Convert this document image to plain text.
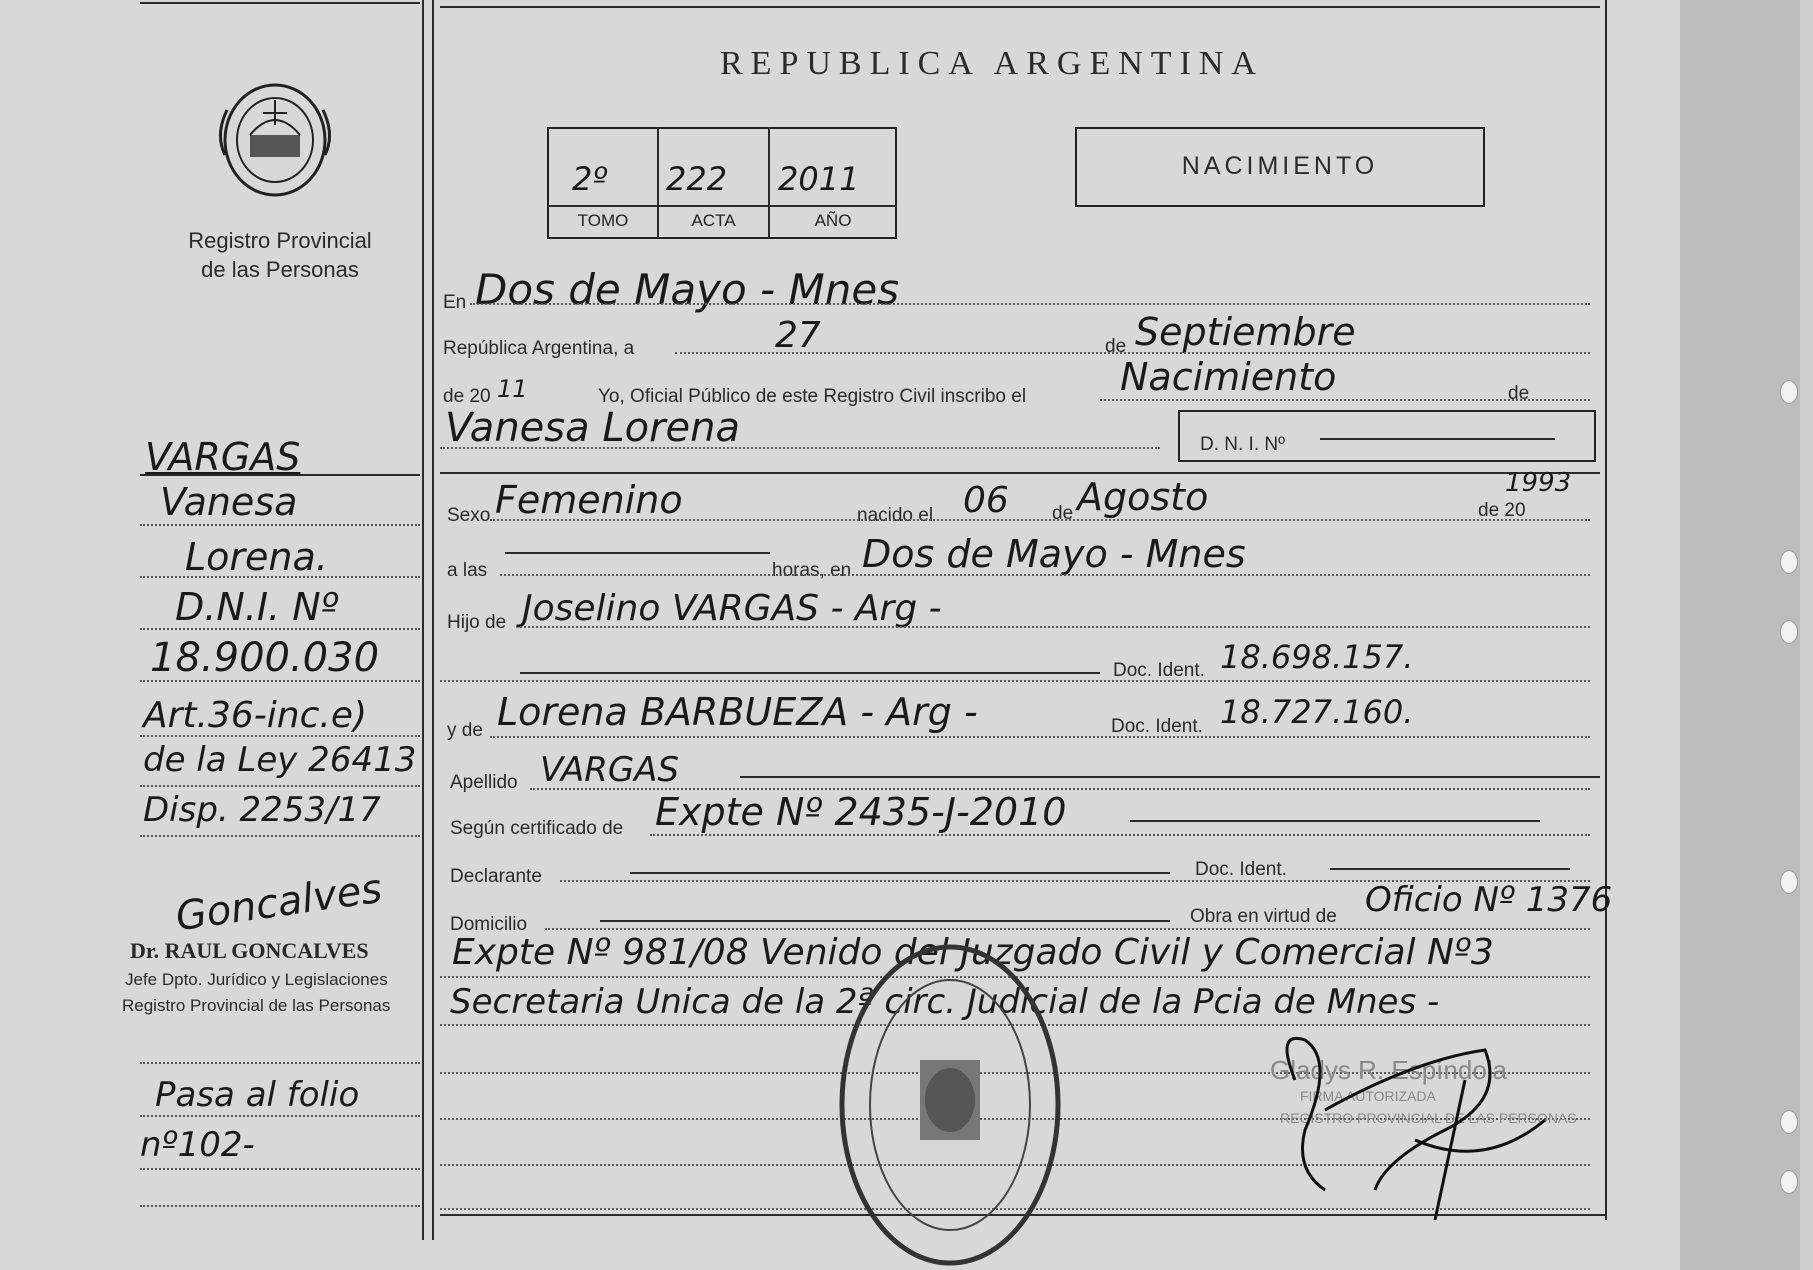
Registro Provincial
de las Personas
REPUBLICA ARGENTINA
2º 222 2011
TOMO	ACTA	AÑO
NACIMIENTO
VARGAS
Vanesa
Lorena.
D.N.I. Nº
18.900.030
Art.36-inc.e)
de la Ley 26413
Disp. 2253/17
Goncalves
Dr. RAUL GONCALVES
Jefe Dpto. Jurídico y Legislaciones
Registro Provincial de las Personas
Pasa al folio
nº102-
En Dos de Mayo - Mnes
República Argentina, a	27	de Septiembre
de 20 11	Yo, Oficial Público de este Registro Civil inscribo el Nacimiento	de
Vanesa Lorena	D. N. I. Nº
Sexo Femenino	nacido el 06 de Agosto	de 20
1993
a las	horas, en Dos de Mayo - Mnes
Hijo de Joselino VARGAS - Arg -
Doc. Ident. 18.698.157.
y de Lorena BARBUEZA - Arg -	Doc. Ident. 18.727.160.
Apellido VARGAS
Según certificado de Expte Nº 2435-J-2010
Declarante	Doc. Ident.
Domicilio	Obra en virtud de Oficio Nº 1376
Expte Nº 981/08 Venido del Juzgado Civil y Comercial Nº3
Secretaria Unica de la 2ª circ. Judicial de la Pcia de Mnes -
Gladys R. Espíndola
FIRMA AUTORIZADA
REGISTRO PROVINCIAL DE LAS PERSONAS
